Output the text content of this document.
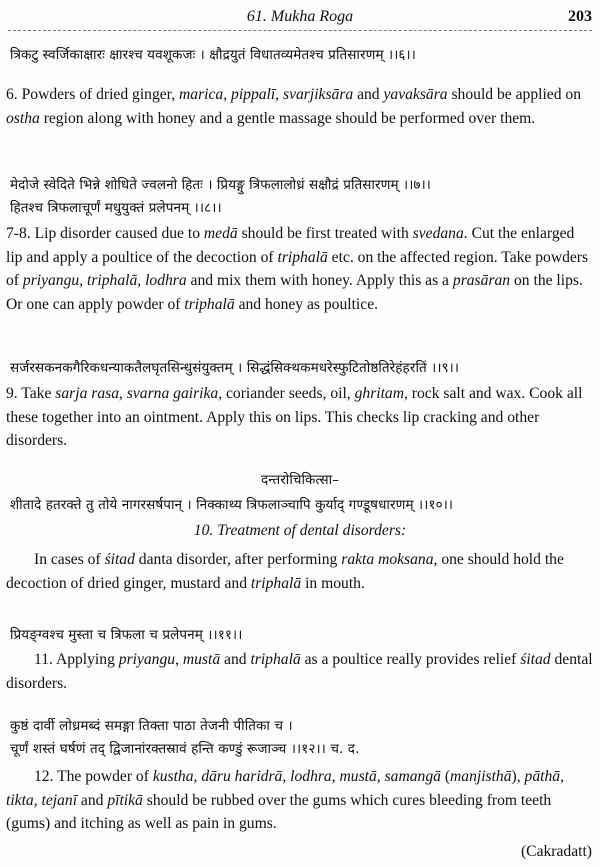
61. Mukha Roga	203
त्रिकटु स्वर्जिकाक्षारः क्षारश्च यवशूकजः । क्षौद्रयुतं विधातव्यमेतश्च प्रतिसारणम् ।।६।।
6. Powders of dried ginger, marica, pippalī, svarjiksāra and yavaksāra should be applied on ostha region along with honey and a gentle massage should be performed over them.
मेदोजे स्वेदिते भिन्ने शोधिते ज्वलनो हितः । प्रियङ्गु त्रिफलालोध्रं सक्षौद्रं प्रतिसारणम् ।।७।।
हितश्च त्रिफलाचूर्णं मधुयुक्तं प्रलेपनम् ।।८।।
7-8. Lip disorder caused due to medā should be first treated with svedana. Cut the enlarged lip and apply a poultice of the decoction of triphalā etc. on the affected region. Take powders of priyangu, triphalā, lodhra and mix them with honey. Apply this as a prasāran on the lips. Or one can apply powder of triphalā and honey as poultice.
सर्जरसकनकगैरिकधन्याकतैलघृतसिन्धुसंयुक्तम् । सिद्धंसिक्थकमधरेस्फुटितोष्ठतिरेहंहरतिं ।।९।।
9. Take sarja rasa, svarna gairika, coriander seeds, oil, ghritam, rock salt and wax. Cook all these together into an ointment. Apply this on lips. This checks lip cracking and other disorders.
दन्तरोचिकित्सा–
शीतादे हतरक्ते तु तोये नागरसर्षपान् । निक्काथ्य त्रिफलाञ्चापि कुर्याद् गण्डूषधारणम् ।।१०।।
10. Treatment of dental disorders:
In cases of śitad danta disorder, after performing rakta moksana, one should hold the decoction of dried ginger, mustard and triphalā in mouth.
प्रियङ्ग्वश्च मुस्ता च त्रिफला च प्रलेपनम् ।।११।।
11. Applying priyangu, mustā and triphalā as a poultice really provides relief śitad dental disorders.
कुष्ठं दार्वी लोध्रमब्दं समङ्गा तिक्ता पाठा तेजनी पीतिका च ।
चूर्णं शस्तं घर्षणं तद् द्विजानांरक्तस्रावं हन्ति कण्डुं रूजाञ्च ।।१२।। च. द.
12. The powder of kustha, dāru haridrā, lodhra, mustā, samangā (manjisthā), pāthā, tikta, tejanī and pītikā should be rubbed over the gums which cures bleeding from teeth (gums) and itching as well as pain in gums.
(Cakradatt)
